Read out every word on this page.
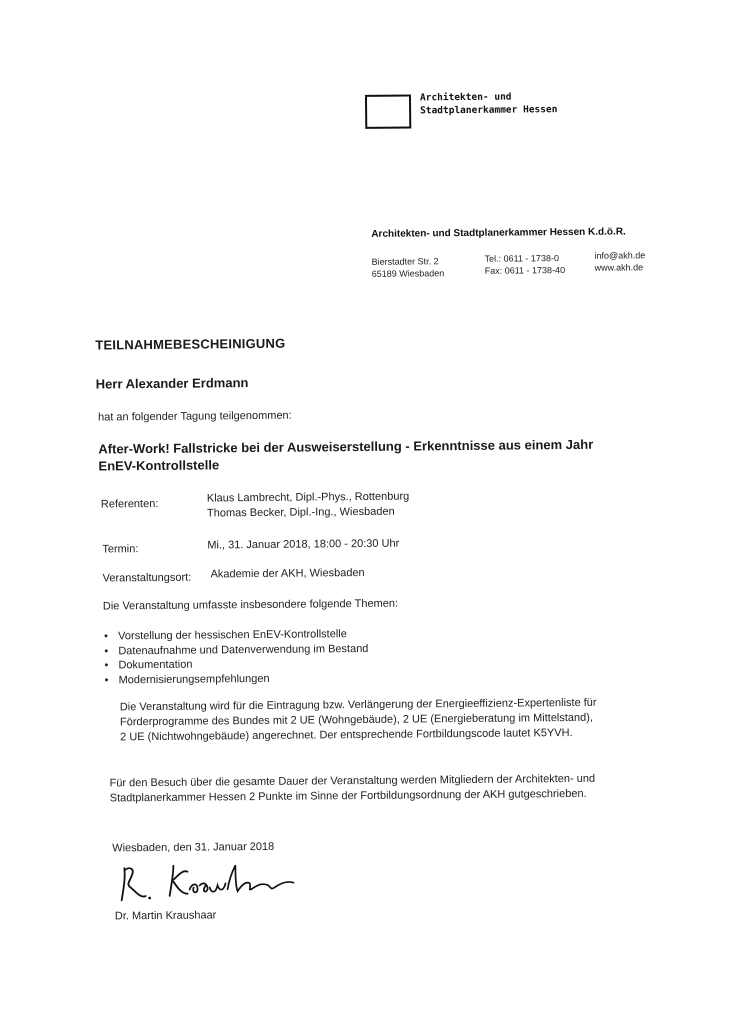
Architekten- und
Stadtplanerkammer Hessen
Architekten- und Stadtplanerkammer Hessen K.d.ö.R.
Bierstadter Str. 2
65189 Wiesbaden
Tel.: 0611 - 1738-0
Fax: 0611 - 1738-40
info@akh.de
www.akh.de
TEILNAHMEBESCHEINIGUNG
Herr Alexander Erdmann
hat an folgender Tagung teilgenommen:
After-Work! Fallstricke bei der Ausweiserstellung - Erkenntnisse aus einem Jahr
EnEV-Kontrollstelle
Referenten:	Klaus Lambrecht, Dipl.-Phys., Rottenburg
Thomas Becker, Dipl.-Ing., Wiesbaden
Termin:	Mi., 31. Januar 2018, 18:00 - 20:30 Uhr
Veranstaltungsort: Akademie der AKH, Wiesbaden
Die Veranstaltung umfasste insbesondere folgende Themen:
• Vorstellung der hessischen EnEV-Kontrollstelle
• Datenaufnahme und Datenverwendung im Bestand
• Dokumentation
• Modernisierungsempfehlungen
Die Veranstaltung wird für die Eintragung bzw. Verlängerung der Energieeffizienz-Expertenliste für
Förderprogramme des Bundes mit 2 UE (Wohngebäude), 2 UE (Energieberatung im Mittelstand),
2 UE (Nichtwohngebäude) angerechnet. Der entsprechende Fortbildungscode lautet K5YVH.
Für den Besuch über die gesamte Dauer der Veranstaltung werden Mitgliedern der Architekten- und
Stadtplanerkammer Hessen 2 Punkte im Sinne der Fortbildungsordnung der AKH gutgeschrieben.
Wiesbaden, den 31. Januar 2018
Dr. Martin Kraushaar
